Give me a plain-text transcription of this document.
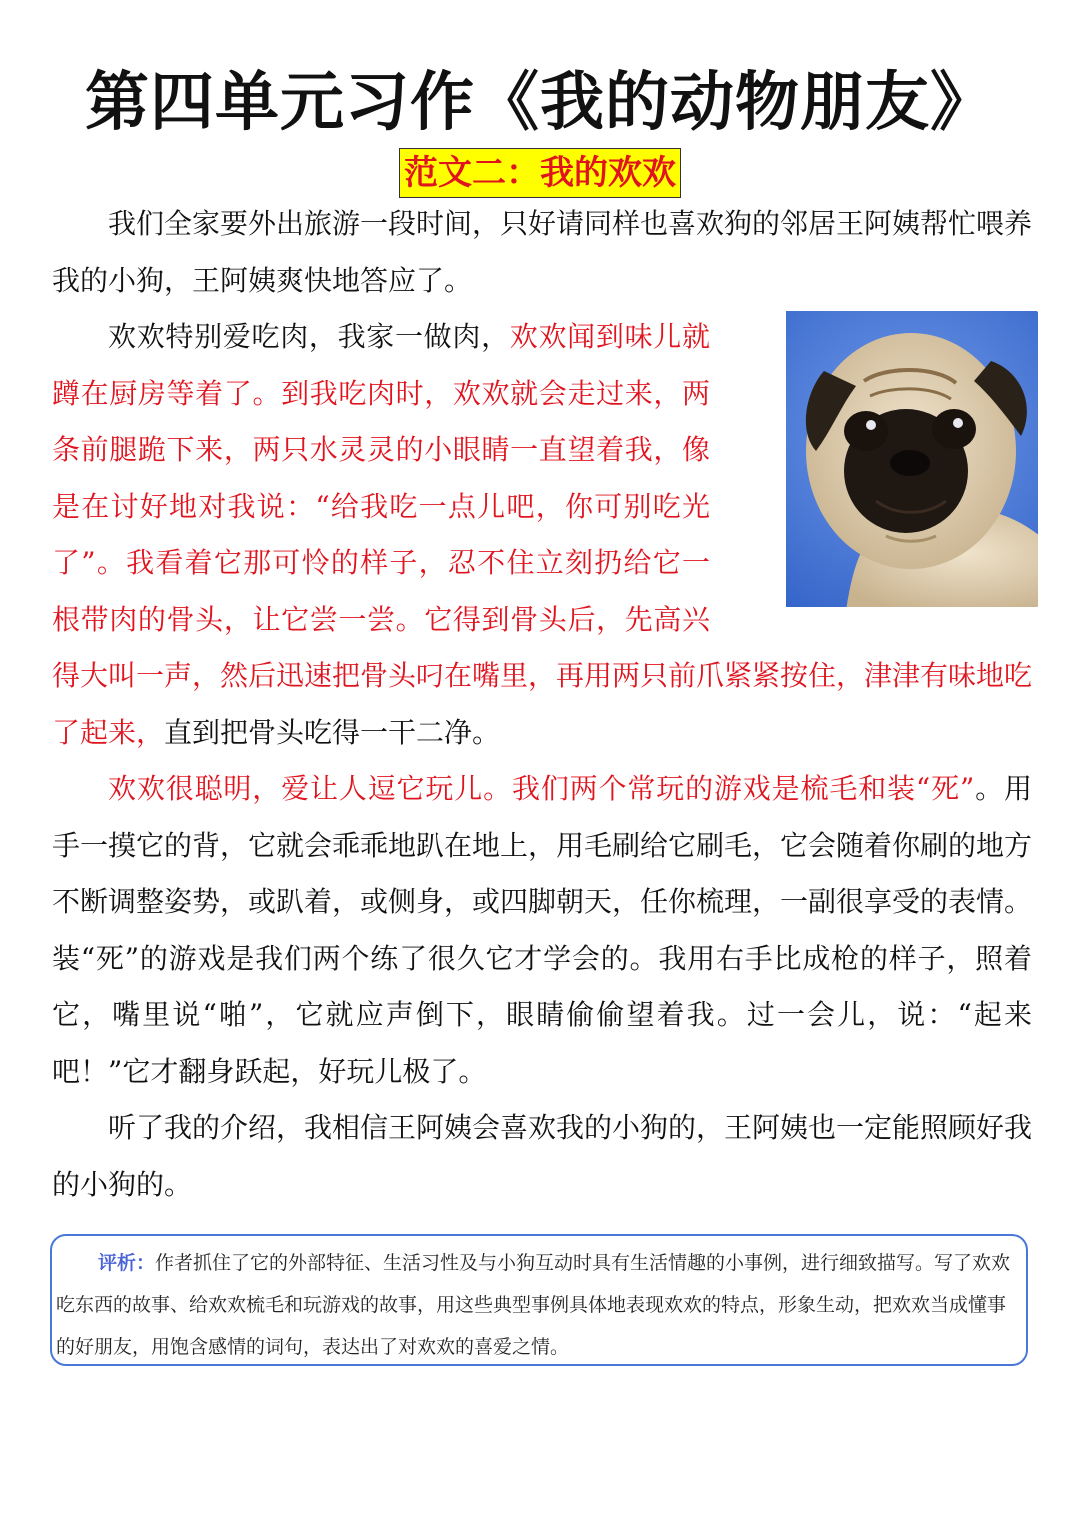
第四单元习作《我的动物朋友》
范文二：我的欢欢

我们全家要外出旅游一段时间，只好请同样也喜欢狗的邻居王阿姨帮忙喂养我的小狗，王阿姨爽快地答应了。

欢欢特别爱吃肉，我家一做肉，欢欢闻到味儿就蹲在厨房等着了。到我吃肉时，欢欢就会走过来，两条前腿跪下来，两只水灵灵的小眼睛一直望着我，像是在讨好地对我说：“给我吃一点儿吧，你可别吃光了”。我看着它那可怜的样子，忍不住立刻扔给它一根带肉的骨头，让它尝一尝。它得到骨头后，先高兴得大叫一声，然后迅速把骨头叼在嘴里，再用两只前爪紧紧按住，津津有味地吃了起来，直到把骨头吃得一干二净。

欢欢很聪明，爱让人逗它玩儿。我们两个常玩的游戏是梳毛和装“死”。用手一摸它的背，它就会乖乖地趴在地上，用毛刷给它刷毛，它会随着你刷的地方不断调整姿势，或趴着，或侧身，或四脚朝天，任你梳理，一副很享受的表情。装“死”的游戏是我们两个练了很久它才学会的。我用右手比成枪的样子，照着它，嘴里说“啪”，它就应声倒下，眼睛偷偷望着我。过一会儿，说：“起来吧！”它才翻身跃起，好玩儿极了。

听了我的介绍，我相信王阿姨会喜欢我的小狗的，王阿姨也一定能照顾好我的小狗的。

评析：作者抓住了它的外部特征、生活习性及与小狗互动时具有生活情趣的小事例，进行细致描写。写了欢欢吃东西的故事、给欢欢梳毛和玩游戏的故事，用这些典型事例具体地表现欢欢的特点，形象生动，把欢欢当成懂事的好朋友，用饱含感情的词句，表达出了对欢欢的喜爱之情。
